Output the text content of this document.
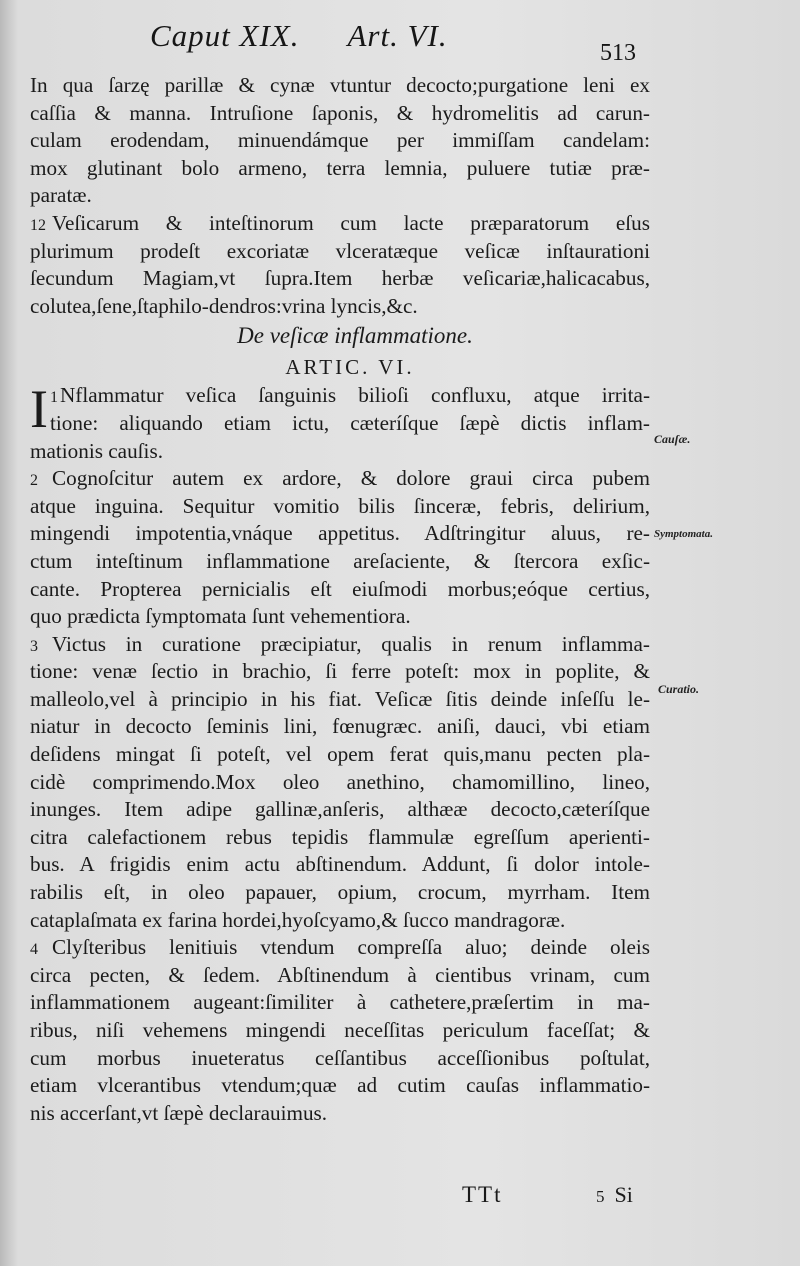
Caput XIX. Art. VI.	513

In qua ſarzę parillæ & cynæ vtuntur decocto;purgatione leni ex
caſſia & manna. Intruſione ſaponis, & hydromelitis ad carun-
culam erodendam, minuendámque per immiſſam candelam:
mox glutinant bolo armeno, terra lemnia, puluere tutiæ præ-
paratæ.
12 Veſicarum & inteſtinorum cum lacte præparatorum eſus
plurimum prodeſt excoriatæ vlceratæque veſicæ inſtaurationi
ſecundum Magiam,vt ſupra.Item herbæ veſicariæ,halicacabus,
colutea,ſene,ſtaphilo-dendros:vrina lyncis,&c.
De veſicæ inflammatione.
ARTIC. VI.
1
I Nflammatur veſica ſanguinis bilioſi confluxu, atque irrita-
tione: aliquando etiam ictu, cæteríſque ſæpè dictis inflam-
mationis cauſis.
2 Cognoſcitur autem ex ardore, & dolore graui circa pubem
atque inguina. Sequitur vomitio bilis ſinceræ, febris, delirium,
mingendi impotentia,vnáque appetitus. Adſtringitur aluus, re-
ctum inteſtinum inflammatione areſaciente, & ſtercora exſic-
cante. Propterea pernicialis eſt eiuſmodi morbus;eóque certius,
quo prædicta ſymptomata ſunt vehementiora.
3 Victus in curatione præcipiatur, qualis in renum inflamma-
tione: venæ ſectio in brachio, ſi ferre poteſt: mox in poplite, &
malleolo,vel à principio in his fiat. Veſicæ ſitis deinde inſeſſu le-
niatur in decocto ſeminis lini, fœnugræc. aniſi, dauci, vbi etiam
deſidens mingat ſi poteſt, vel opem ferat quis,manu pecten pla-
cidè comprimendo.Mox oleo anethino, chamomillino, lineo,
inunges. Item adipe gallinæ,anſeris, althææ decocto,cæteríſque
citra calefactionem rebus tepidis flammulæ egreſſum aperienti-
bus. A frigidis enim actu abſtinendum. Addunt, ſi dolor intole-
rabilis eſt, in oleo papauer, opium, crocum, myrrham. Item
cataplaſmata ex farina hordei,hyoſcyamo,& ſucco mandragoræ.
4 Clyſteribus lenitiuis vtendum compreſſa aluo; deinde oleis
circa pecten, & ſedem. Abſtinendum à cientibus vrinam, cum
inflammationem augeant:ſimiliter à cathetere,præſertim in ma-
ribus, niſi vehemens mingendi neceſſitas periculum faceſſat; &
cum morbus inueteratus ceſſantibus acceſſionibus poſtulat,
etiam vlcerantibus vtendum;quæ ad cutim cauſas inflammatio-
nis accerſant,vt ſæpè declarauimus.
Cauſæ.
Symptomata.
Curatio.
TTt	5 Si
